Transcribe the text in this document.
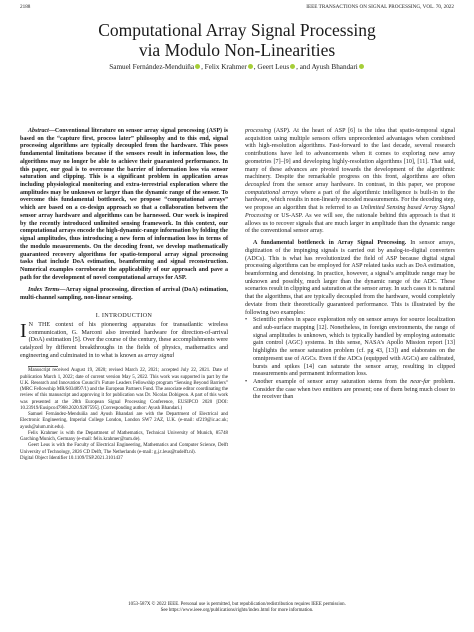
2188	IEEE TRANSACTIONS ON SIGNAL PROCESSING, VOL. 70, 2022
Computational Array Signal Processing
via Modulo Non-Linearities
Samuel Fernández-Menduiña , Felix Krahmer , Geert Leus , and Ayush Bhandari

Abstract—Conventional literature on sensor array signal processing (ASP) is based on the “capture first, process later” philosophy and to this end, signal processing algorithms are typically decoupled from the hardware. This poses fundamental limitations because if the sensors result in information loss, the algorithms may no longer be able to achieve their guaranteed performance. In this paper, our goal is to overcome the barrier of information loss via sensor saturation and clipping. This is a significant problem in application areas including physiological monitoring and extra-terrestrial exploration where the amplitudes may be unknown or larger than the dynamic range of the sensor. To overcome this fundamental bottleneck, we propose “computational arrays” which are based on a co-design approach so that a collaboration between the sensor array hardware and algorithms can be harnessed. Our work is inspired by the recently introduced unlimited sensing framework. In this context, our computational arrays encode the high-dynamic-range information by folding the signal amplitudes, thus introducing a new form of information loss in terms of the modulo measurements. On the decoding front, we develop mathematically guaranteed recovery algorithms for spatio-temporal array signal processing tasks that include DoA estimation, beamforming and signal reconstruction. Numerical examples corroborate the applicability of our approach and pave a path for the development of novel computational arrays for ASP.

Index Terms—Array signal processing, direction of arrival (DoA) estimation, multi-channel sampling, non-linear sensing.

I. INTRODUCTION

I N THE context of his pioneering apparatus for transatlantic wireless communication, G. Marconi also invented hardware for direction-of-arrival (DoA) estimation [5]. Over the course of the century, these accomplishments were catalyzed by different breakthroughs in the fields of physics, mathematics and engineering and culminated in to what is known as array signal

Manuscript received August 19, 2020; revised March 22, 2021; accepted July 22, 2021. Date of publication March 1, 2022; date of current version May 5, 2022. This work was supported in part by the U.K. Research and Innovation Council’s Future Leaders Fellowship program “Sensing Beyond Barriers” (MRC Fellowship MR/S034897/1) and the European Partners Fund. The associate editor coordinating the review of this manuscript and approving it for publication was Dr. Nicolas Dobigeon. A part of this work was presented at the 28th European Signal Processing Conference, EUSIPCO 2020 [DOI: 10.23919/Eusipco47968.2020.9287595]. (Corresponding author: Ayush Bhandari.)

Samuel Fernández-Menduiña and Ayush Bhandari are with the Department of Electrical and Electronic Engineering, Imperial College London, London SW7 2AZ, U.K. (e-mail: sf219@ic.ac.uk; ayush@alum.mit.edu).

Felix Krahmer is with the Department of Mathematics, Technical University of Munich, 85748 Garching/Munich, Germany (e-mail: felix.krahmer@tum.de).

Geert Leus is with the Faculty of Electrical Engineering, Mathematics and Computer Science, Delft University of Technology, 2826 CD Delft, The Netherlands (e-mail: g.j.t.leus@tudelft.nl).

Digital Object Identifier 10.1109/TSP.2021.3101437

processing (ASP). At the heart of ASP [6] is the idea that spatio-temporal signal acquisition using multiple sensors offers unprecedented advantages when combined with high-resolution algorithms. Fast-forward to the last decade, several research contributions have led to advancements when it comes to exploring new array geometries [7]–[9] and developing highly-resolution algorithms [10], [11]. That said, many of these advances are pivoted towards the development of the algorithmic machinery. Despite the remarkable progress on this front, algorithms are often decoupled from the sensor array hardware. In contrast, in this paper, we propose computational arrays where a part of the algorithmic intelligence is built-in to the hardware, which results in non-linearly encoded measurements. For the decoding step, we propose an algorithm that is referred to as Unlimited Sensing based Array Signal Processing or US-ASP. As we will see, the rationale behind this approach is that it allows us to recover signals that are much larger in amplitude than the dynamic range of the conventional sensor array.

A fundamental bottleneck in Array Signal Processing. In sensor arrays, digitization of the impinging signals is carried out by analog-to-digital converters (ADCs). This is what has revolutionized the field of ASP because digital signal processing algorithms can be employed for ASP related tasks such as DoA estimation, beamforming and denoising. In practice, however, a signal’s amplitude range may be unknown and possibly, much larger than the dynamic range of the ADC. These scenarios result in clipping and saturation at the sensor array. In such cases it is natural that the algorithms, that are typically decoupled from the hardware, would completely deviate from their theoretically guaranteed performance. This is illustrated by the following two examples:

• Scientific probes in space exploration rely on sensor arrays for source localization and sub-surface mapping [12]. Nonetheless, in foreign environments, the range of signal amplitudes is unknown, which is typically handled by employing automatic gain control (AGC) systems. In this sense, NASA’s Apollo Mission report [13] highlights the sensor saturation problem (cf. pg 43, [13]) and elaborates on the omnipresent use of AGCs. Even if the ADCs (equipped with AGCs) are calibrated, bursts and spikes [14] can saturate the sensor array, resulting in clipped measurements and permanent information loss.
• Another example of sensor array saturation stems from the near-far problem. Consider the case when two emitters are present; one of them being much closer to the receiver than
1053-587X © 2022 IEEE. Personal use is permitted, but republication/redistribution requires IEEE permission.
See https://www.ieee.org/publications/rights/index.html for more information.
